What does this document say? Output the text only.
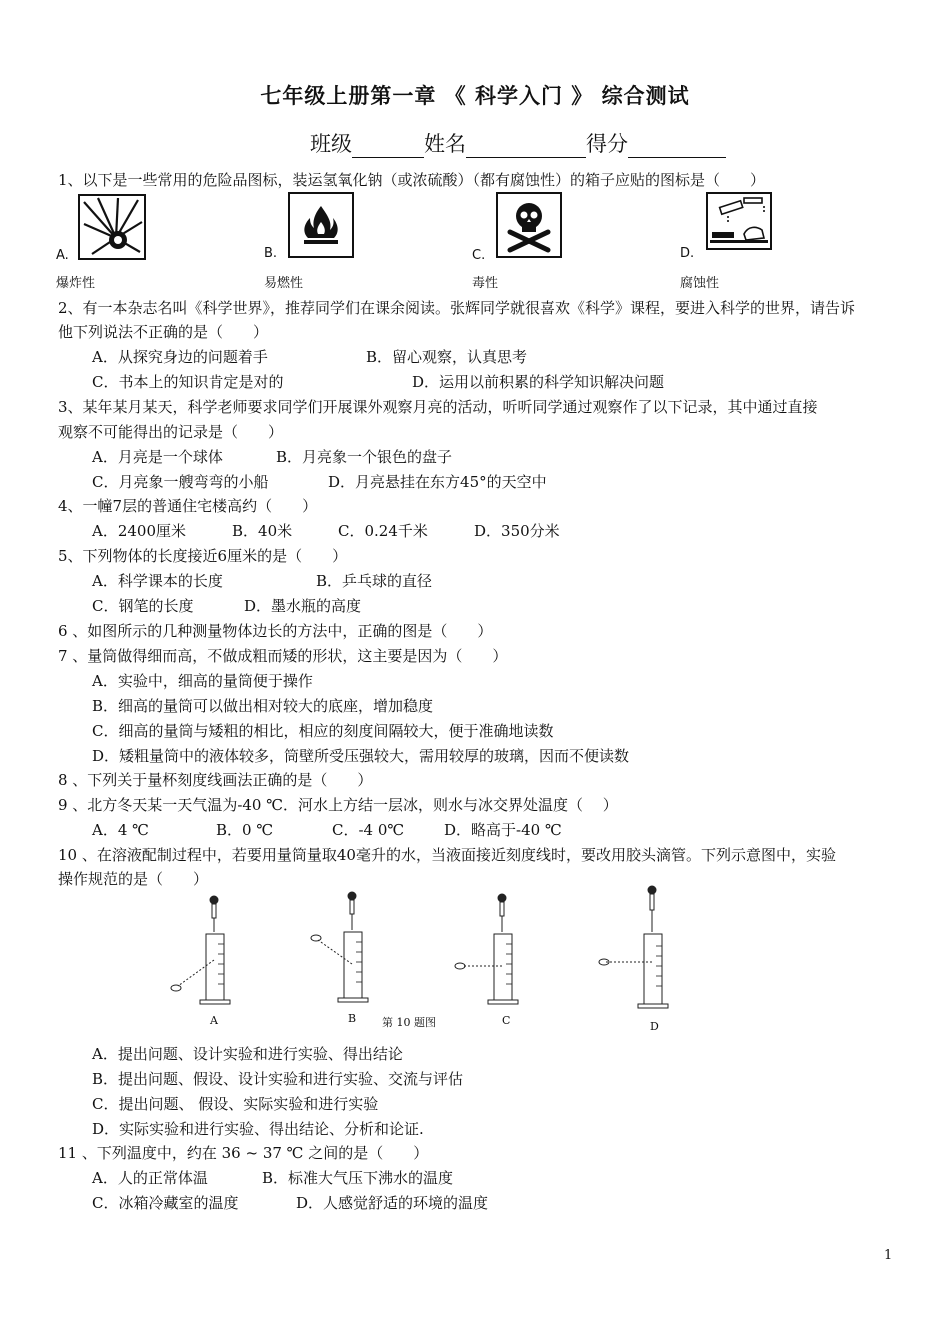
七年级上册第一章 《 科学入门 》 综合测试
班级	姓名	得分
1、以下是一些常用的危险品图标，装运氢氧化钠（或浓硫酸）（都有腐蚀性）的箱子应贴的图标是（　　）
A.
爆炸性
B.
易燃性
C.
毒性
D.
腐蚀性
2、有一本杂志名叫《科学世界》，推荐同学们在课余阅读。张辉同学就很喜欢《科学》课程，要进入科学的世界，请告诉
他下列说法不正确的是（　　）
A．从探究身边的问题着手	B．留心观察，认真思考
C．书本上的知识肯定是对的	D．运用以前积累的科学知识解决问题
3、某年某月某天，科学老师要求同学们开展课外观察月亮的活动，听听同学通过观察作了以下记录，其中通过直接
观察不可能得出的记录是（　　）
A．月亮是一个球体	B．月亮象一个银色的盘子
C．月亮象一艘弯弯的小船	D．月亮悬挂在东方45°的天空中
4、一幢7层的普通住宅楼高约（　　）
A．2400厘米	B．40米	C．0.24千米	D．350分米
5、下列物体的长度接近6厘米的是（　　）
A．科学课本的长度	B．乒乓球的直径
C．钢笔的长度	D．墨水瓶的高度
6 、如图所示的几种测量物体边长的方法中，正确的图是（　　）
7 、量筒做得细而高，不做成粗而矮的形状，这主要是因为（　　）
A．实验中，细高的量筒便于操作
B．细高的量筒可以做出相对较大的底座，增加稳度
C．细高的量筒与矮粗的相比，相应的刻度间隔较大，便于准确地读数
D．矮粗量筒中的液体较多，筒壁所受压强较大，需用较厚的玻璃，因而不便读数
8 、下列关于量杯刻度线画法正确的是（　　）
9 、北方冬天某一天气温为-40 ℃．河水上方结一层冰，则水与冰交界处温度（　 ）
A．4 ℃	B．0 ℃	C．-4 0℃	D．略高于-40 ℃
10 、在溶液配制过程中，若要用量筒量取40毫升的水，当液面接近刻度线时，要改用胶头滴管。下列示意图中，实验
操作规范的是（　　）
A	B 第 10 题图	C	D
A．提出问题、设计实验和进行实验、得出结论
B．提出问题、假设、设计实验和进行实验、交流与评估
C．提出问题、 假设、实际实验和进行实验
D．实际实验和进行实验、得出结论、分析和论证.
11 、下列温度中，约在 36 ~ 37 ℃ 之间的是（　　）
A．人的正常体温	B．标准大气压下沸水的温度
C．冰箱冷藏室的温度	D．人感觉舒适的环境的温度
1
